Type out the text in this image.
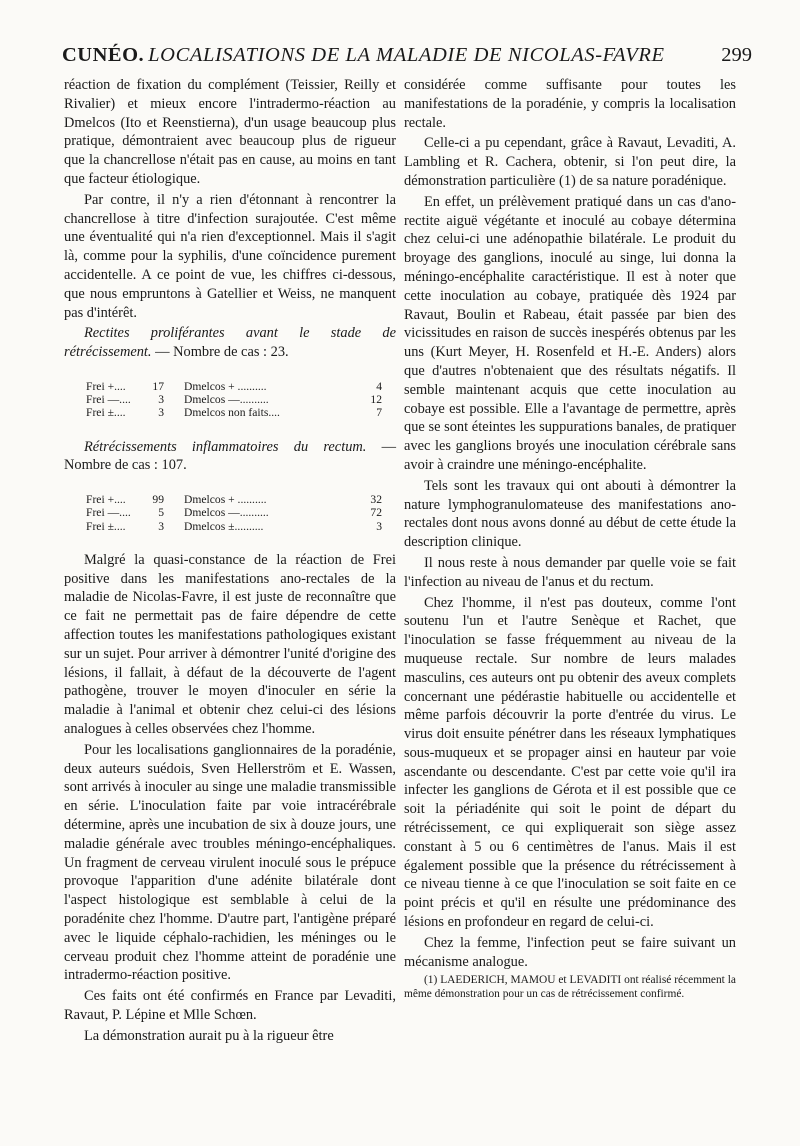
CUNÉO. LOCALISATIONS DE LA MALADIE DE NICOLAS-FAVRE	299

réaction de fixation du complément (Teissier, Reilly et Rivalier) et mieux encore l'intradermo-réaction au Dmelcos (Ito et Reenstierna), d'un usage beaucoup plus pratique, démontraient avec beaucoup plus de rigueur que la chancrellose n'était pas en cause, au moins en tant que facteur étiologique.

Par contre, il n'y a rien d'étonnant à rencontrer la chancrellose à titre d'infection surajoutée. C'est même une éventualité qui n'a rien d'exceptionnel. Mais il s'agit là, comme pour la syphilis, d'une coïncidence purement accidentelle. A ce point de vue, les chiffres ci-dessous, que nous empruntons à Gatellier et Weiss, ne manquent pas d'intérêt.

Rectites proliférantes avant le stade de rétrécissement. — Nombre de cas : 23.

Frei +.... 17 Dmelcos + ..........	4
Frei —.... 3 Dmelcos —..........	12
Frei ±....	3 Dmelcos non faits....	7

Rétrécissements inflammatoires du rectum. — Nombre de cas : 107.

Frei +.... 99 Dmelcos + ..........	32
Frei —.... 5 Dmelcos —..........	72
Frei ±....	3 Dmelcos ±..........	3

Malgré la quasi-constance de la réaction de Frei positive dans les manifestations ano-rectales de la maladie de Nicolas-Favre, il est juste de reconnaître que ce fait ne permettait pas de faire dépendre de cette affection toutes les manifestations pathologiques existant sur un sujet. Pour arriver à démontrer l'unité d'origine des lésions, il fallait, à défaut de la découverte de l'agent pathogène, trouver le moyen d'inoculer en série la maladie à l'animal et obtenir chez celui-ci des lésions analogues à celles observées chez l'homme.

Pour les localisations ganglionnaires de la poradénie, deux auteurs suédois, Sven Hellerström et E. Wassen, sont arrivés à inoculer au singe une maladie transmissible en série. L'inoculation faite par voie intracérébrale détermine, après une incubation de six à douze jours, une maladie générale avec troubles méningo-encéphaliques. Un fragment de cerveau virulent inoculé sous le prépuce provoque l'apparition d'une adénite bilatérale dont l'aspect histologique est semblable à celui de la poradénite chez l'homme. D'autre part, l'antigène préparé avec le liquide céphalo-rachidien, les méninges ou le cerveau produit chez l'homme atteint de poradénie une intradermo-réaction positive.

Ces faits ont été confirmés en France par Levaditi, Ravaut, P. Lépine et Mlle Schœn.

La démonstration aurait pu à la rigueur être

considérée comme suffisante pour toutes les manifestations de la poradénie, y compris la localisation rectale.

Celle-ci a pu cependant, grâce à Ravaut, Levaditi, A. Lambling et R. Cachera, obtenir, si l'on peut dire, la démonstration particulière (1) de sa nature poradénique.

En effet, un prélèvement pratiqué dans un cas d'ano-rectite aiguë végétante et inoculé au cobaye détermina chez celui-ci une adénopathie bilatérale. Le produit du broyage des ganglions, inoculé au singe, lui donna la méningo-encéphalite caractéristique. Il est à noter que cette inoculation au cobaye, pratiquée dès 1924 par Ravaut, Boulin et Rabeau, était passée par bien des vicissitudes en raison de succès inespérés obtenus par les uns (Kurt Meyer, H. Rosenfeld et H.-E. Anders) alors que d'autres n'obtenaient que des résultats négatifs. Il semble maintenant acquis que cette inoculation au cobaye est possible. Elle a l'avantage de permettre, après que se sont éteintes les suppurations banales, de pratiquer avec les ganglions broyés une inoculation cérébrale sans avoir à craindre une méningo-encéphalite.

Tels sont les travaux qui ont abouti à démontrer la nature lymphogranulomateuse des manifestations ano-rectales dont nous avons donné au début de cette étude la description clinique.

Il nous reste à nous demander par quelle voie se fait l'infection au niveau de l'anus et du rectum.

Chez l'homme, il n'est pas douteux, comme l'ont soutenu l'un et l'autre Senèque et Rachet, que l'inoculation se fasse fréquemment au niveau de la muqueuse rectale. Sur nombre de leurs malades masculins, ces auteurs ont pu obtenir des aveux complets concernant une pédérastie habituelle ou accidentelle et même parfois découvrir la porte d'entrée du virus. Le virus doit ensuite pénétrer dans les réseaux lymphatiques sous-muqueux et se propager ainsi en hauteur par voie ascendante ou descendante. C'est par cette voie qu'il ira infecter les ganglions de Gérota et il est possible que ce soit la périadénite qui soit le point de départ du rétrécissement, ce qui expliquerait son siège assez constant à 5 ou 6 centimètres de l'anus. Mais il est également possible que la présence du rétrécissement à ce niveau tienne à ce que l'inoculation se soit faite en ce point précis et qu'il en résulte une prédominance des lésions en profondeur en regard de celui-ci.

Chez la femme, l'infection peut se faire suivant un mécanisme analogue.

(1) LAEDERICH, MAMOU et LEVADITI ont réalisé récemment la même démonstration pour un cas de rétrécissement confirmé.
